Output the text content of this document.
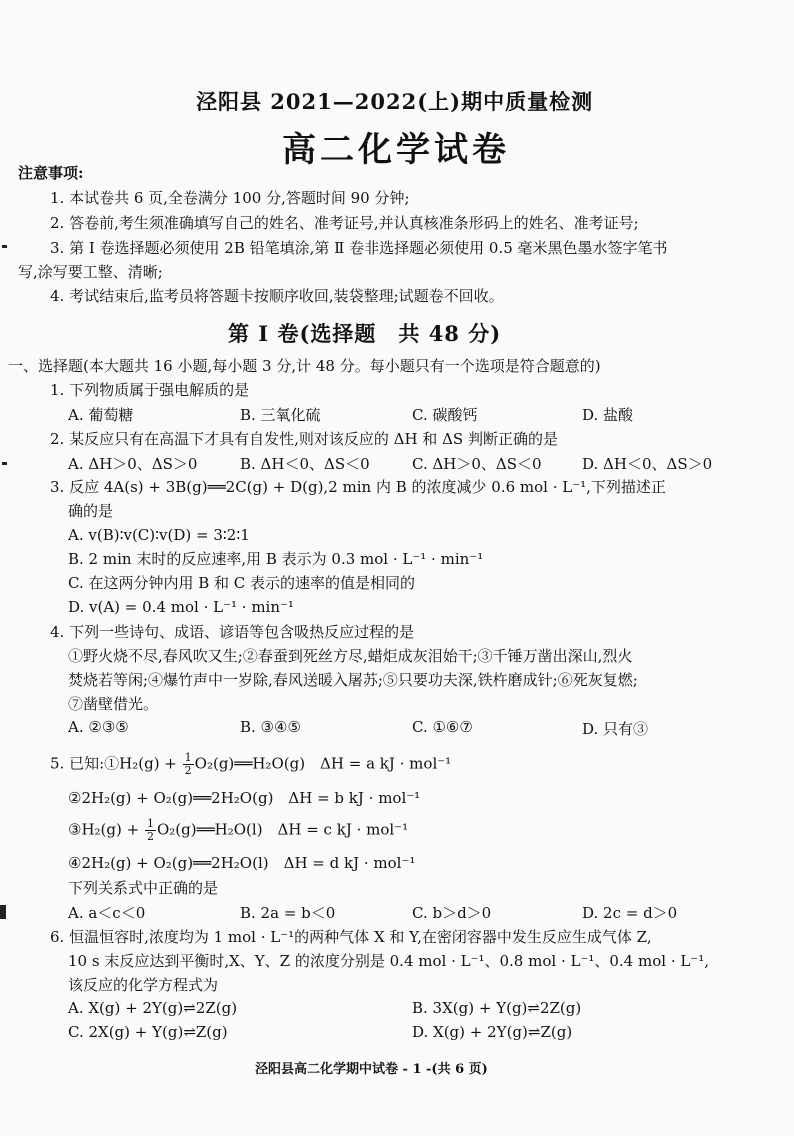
泾阳县 2021—2022(上)期中质量检测
高二化学试卷
注意事项:
1. 本试卷共 6 页,全卷满分 100 分,答题时间 90 分钟;
2. 答卷前,考生须准确填写自己的姓名、准考证号,并认真核准条形码上的姓名、准考证号;
3. 第 Ⅰ 卷选择题必须使用 2B 铅笔填涂,第 Ⅱ 卷非选择题必须使用 0.5 毫米黑色墨水签字笔书
写,涂写要工整、清晰;
4. 考试结束后,监考员将答题卡按顺序收回,装袋整理;试题卷不回收。
第 Ⅰ 卷(选择题　共 48 分)
一、选择题(本大题共 16 小题,每小题 3 分,计 48 分。每小题只有一个选项是符合题意的)
1. 下列物质属于强电解质的是
A. 葡萄糖	B. 三氧化硫	C. 碳酸钙	D. 盐酸
2. 某反应只有在高温下才具有自发性,则对该反应的 ΔH 和 ΔS 判断正确的是
A. ΔH＞0、ΔS＞0	B. ΔH＜0、ΔS＜0	C. ΔH＞0、ΔS＜0	D. ΔH＜0、ΔS＞0
3. 反应 4A(s) + 3B(g)══2C(g) + D(g),2 min 内 B 的浓度减少 0.6 mol · L⁻¹,下列描述正
确的是
A. v(B)∶v(C)∶v(D) = 3∶2∶1
B. 2 min 末时的反应速率,用 B 表示为 0.3 mol · L⁻¹ · min⁻¹
C. 在这两分钟内用 B 和 C 表示的速率的值是相同的
D. v(A) = 0.4 mol · L⁻¹ · min⁻¹
4. 下列一些诗句、成语、谚语等包含吸热反应过程的是
①野火烧不尽,春风吹又生;②春蚕到死丝方尽,蜡炬成灰泪始干;③千锤万凿出深山,烈火
焚烧若等闲;④爆竹声中一岁除,春风送暖入屠苏;⑤只要功夫深,铁杵磨成针;⑥死灰复燃;
⑦凿壁借光。
A. ②③⑤	B. ③④⑤	C. ①⑥⑦	D. 只有③
5. 已知:①H₂(g) + $\frac{1}{2}$ O₂(g)══H₂O(g)　ΔH = a kJ · mol⁻¹
②2H₂(g) + O₂(g)══2H₂O(g)　ΔH = b kJ · mol⁻¹
③H₂(g) + $\frac{1}{2}$ O₂(g)══H₂O(l)　ΔH = c kJ · mol⁻¹
④2H₂(g) + O₂(g)══2H₂O(l)　ΔH = d kJ · mol⁻¹
下列关系式中正确的是
A. a＜c＜0	B. 2a = b＜0	C. b＞d＞0	D. 2c = d＞0
6. 恒温恒容时,浓度均为 1 mol · L⁻¹的两种气体 X 和 Y,在密闭容器中发生反应生成气体 Z,
10 s 末反应达到平衡时,X、Y、Z 的浓度分别是 0.4 mol · L⁻¹、0.8 mol · L⁻¹、0.4 mol · L⁻¹,
该反应的化学方程式为
A. X(g) + 2Y(g)⇌2Z(g)	B. 3X(g) + Y(g)⇌2Z(g)
C. 2X(g) + Y(g)⇌Z(g)	D. X(g) + 2Y(g)⇌Z(g)
泾阳县高二化学期中试卷 - 1 -(共 6 页)
